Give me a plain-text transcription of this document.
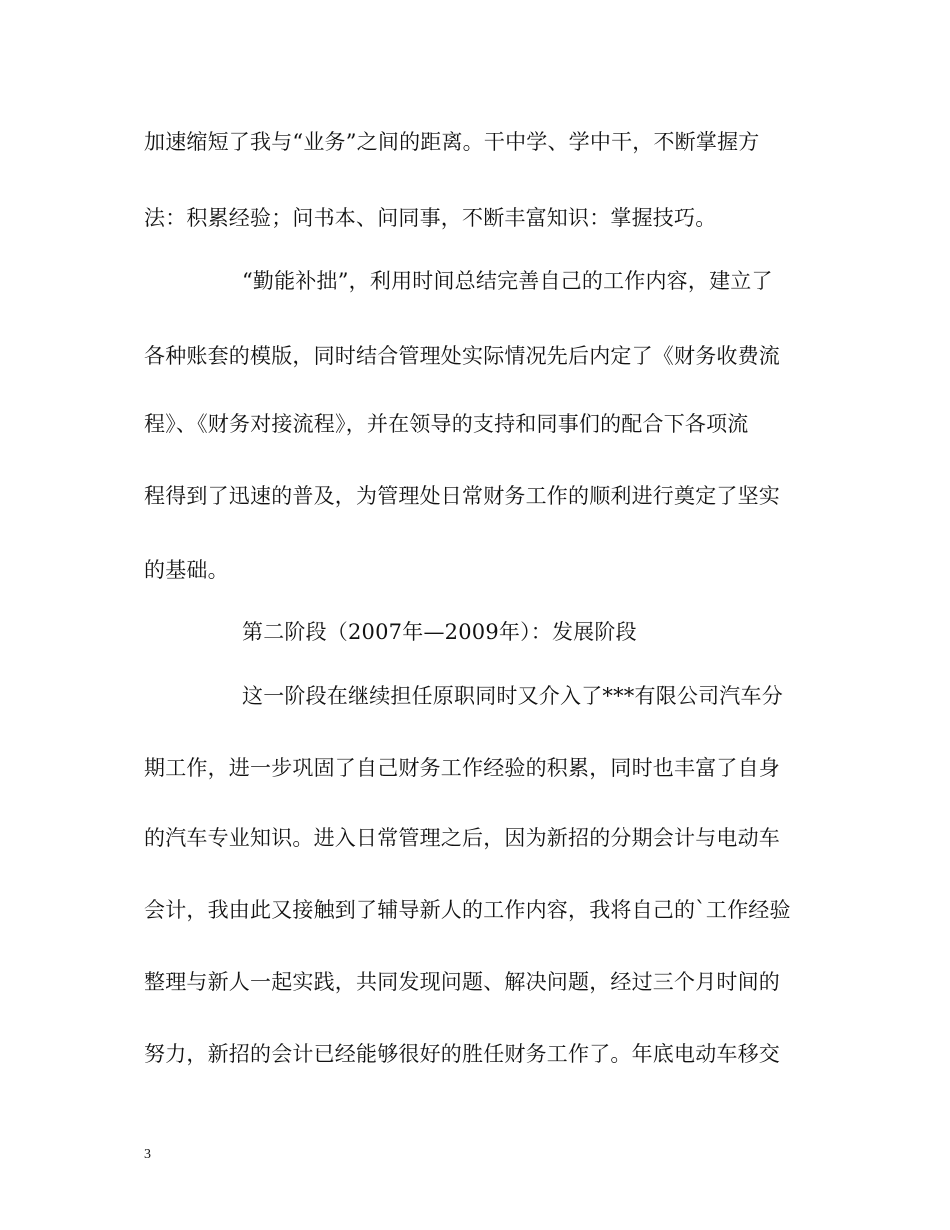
加速缩短了我与“业务”之间的距离。干中学、学中干，不断掌握方
法：积累经验；问书本、问同事，不断丰富知识：掌握技巧。
“勤能补拙”，利用时间总结完善自己的工作内容，建立了
各种账套的模版，同时结合管理处实际情况先后内定了《财务收费流
程》、《财务对接流程》，并在领导的支持和同事们的配合下各项流
程得到了迅速的普及，为管理处日常财务工作的顺利进行奠定了坚实
的基础。
第二阶段（2007年—2009年）：发展阶段
这一阶段在继续担任原职同时又介入了***有限公司汽车分
期工作，进一步巩固了自己财务工作经验的积累，同时也丰富了自身
的汽车专业知识。进入日常管理之后，因为新招的分期会计与电动车
会计，我由此又接触到了辅导新人的工作内容，我将自己的`工作经验
整理与新人一起实践，共同发现问题、解决问题，经过三个月时间的
努力，新招的会计已经能够很好的胜任财务工作了。年底电动车移交
3
